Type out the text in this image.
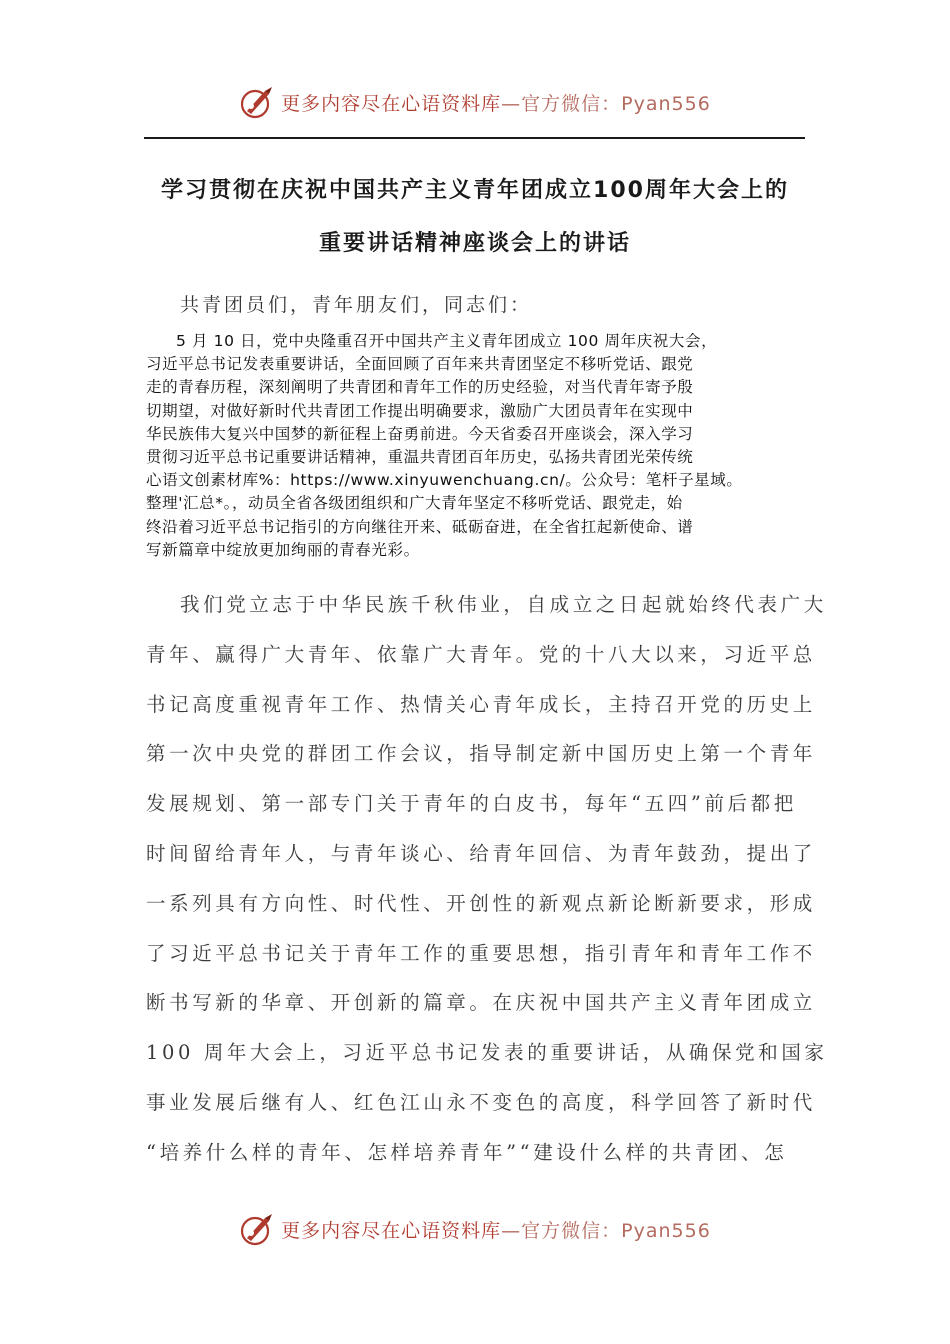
更多内容尽在心语资料库—官方微信：Pyan556
学习贯彻在庆祝中国共产主义青年团成立100周年大会上的
重要讲话精神座谈会上的讲话
共青团员们，青年朋友们，同志们：
5 月 10 日，党中央隆重召开中国共产主义青年团成立 100 周年庆祝大会，
习近平总书记发表重要讲话，全面回顾了百年来共青团坚定不移听党话、跟党
走的青春历程，深刻阐明了共青团和青年工作的历史经验，对当代青年寄予殷
切期望，对做好新时代共青团工作提出明确要求，激励广大团员青年在实现中
华民族伟大复兴中国梦的新征程上奋勇前进。今天省委召开座谈会，深入学习
贯彻习近平总书记重要讲话精神，重温共青团百年历史，弘扬共青团光荣传统
心语文创素材库%：https://www.xinyuwenchuang.cn/。公众号：笔杆子星域。
整理'汇总*。，动员全省各级团组织和广大青年坚定不移听党话、跟党走，始
终沿着习近平总书记指引的方向继往开来、砥砺奋进，在全省扛起新使命、谱
写新篇章中绽放更加绚丽的青春光彩。
我们党立志于中华民族千秋伟业，自成立之日起就始终代表广大
青年、赢得广大青年、依靠广大青年。党的十八大以来，习近平总
书记高度重视青年工作、热情关心青年成长，主持召开党的历史上
第一次中央党的群团工作会议，指导制定新中国历史上第一个青年
发展规划、第一部专门关于青年的白皮书，每年“五四”前后都把
时间留给青年人，与青年谈心、给青年回信、为青年鼓劲，提出了
一系列具有方向性、时代性、开创性的新观点新论断新要求，形成
了习近平总书记关于青年工作的重要思想，指引青年和青年工作不
断书写新的华章、开创新的篇章。在庆祝中国共产主义青年团成立
100 周年大会上，习近平总书记发表的重要讲话，从确保党和国家
事业发展后继有人、红色江山永不变色的高度，科学回答了新时代
“培养什么样的青年、怎样培养青年”“建设什么样的共青团、怎
更多内容尽在心语资料库—官方微信：Pyan556
